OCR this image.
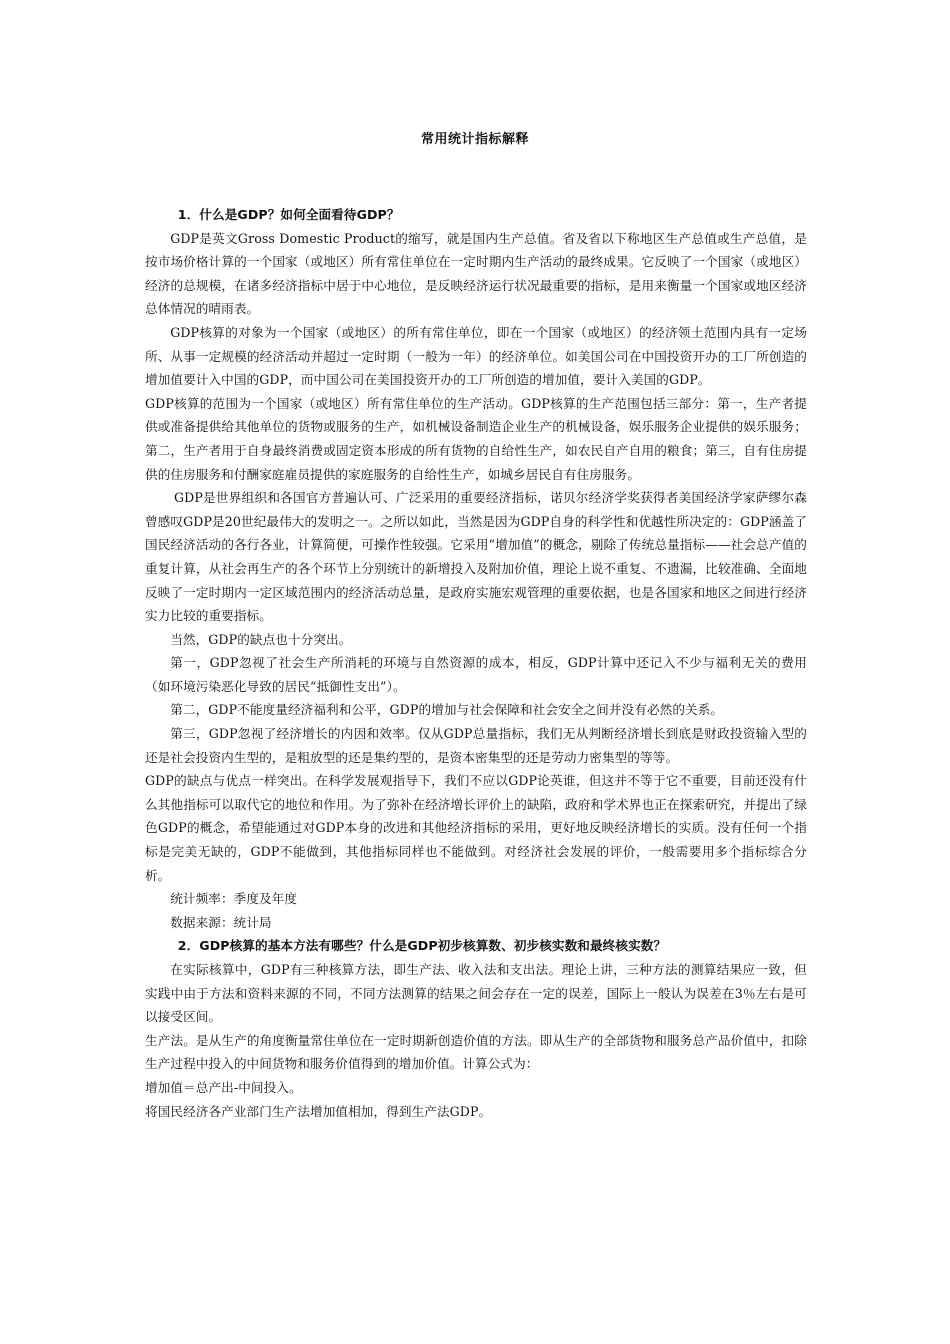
常用统计指标解释

1．什么是GDP？如何全面看待GDP？

GDP是英文Gross Domestic Product的缩写，就是国内生产总值。省及省以下称地区生产总值或生产总值，是按市场价格计算的一个国家（或地区）所有常住单位在一定时期内生产活动的最终成果。它反映了一个国家（或地区）经济的总规模，在诸多经济指标中居于中心地位，是反映经济运行状况最重要的指标，是用来衡量一个国家或地区经济总体情况的晴雨表。

GDP核算的对象为一个国家（或地区）的所有常住单位，即在一个国家（或地区）的经济领土范围内具有一定场所、从事一定规模的经济活动并超过一定时期（一般为一年）的经济单位。如美国公司在中国投资开办的工厂所创造的增加值要计入中国的GDP，而中国公司在美国投资开办的工厂所创造的增加值，要计入美国的GDP。

GDP核算的范围为一个国家（或地区）所有常住单位的生产活动。GDP核算的生产范围包括三部分：第一，生产者提供或准备提供给其他单位的货物或服务的生产，如机械设备制造企业生产的机械设备，娱乐服务企业提供的娱乐服务；第二，生产者用于自身最终消费或固定资本形成的所有货物的自给性生产，如农民自产自用的粮食；第三，自有住房提供的住房服务和付酬家庭雇员提供的家庭服务的自给性生产，如城乡居民自有住房服务。

GDP是世界组织和各国官方普遍认可、广泛采用的重要经济指标，诺贝尔经济学奖获得者美国经济学家萨缪尔森曾感叹GDP是20世纪最伟大的发明之一。之所以如此，当然是因为GDP自身的科学性和优越性所决定的：GDP涵盖了国民经济活动的各行各业，计算简便，可操作性较强。它采用“增加值”的概念，剔除了传统总量指标——社会总产值的重复计算，从社会再生产的各个环节上分别统计的新增投入及附加价值，理论上说不重复、不遗漏，比较准确、全面地反映了一定时期内一定区域范围内的经济活动总量，是政府实施宏观管理的重要依据，也是各国家和地区之间进行经济实力比较的重要指标。

当然，GDP的缺点也十分突出。

第一，GDP忽视了社会生产所消耗的环境与自然资源的成本，相反，GDP计算中还记入不少与福利无关的费用（如环境污染恶化导致的居民“抵御性支出”）。

第二，GDP不能度量经济福利和公平，GDP的增加与社会保障和社会安全之间并没有必然的关系。

第三，GDP忽视了经济增长的内因和效率。仅从GDP总量指标，我们无从判断经济增长到底是财政投资输入型的还是社会投资内生型的，是粗放型的还是集约型的，是资本密集型的还是劳动力密集型的等等。

GDP的缺点与优点一样突出。在科学发展观指导下，我们不应以GDP论英谁，但这并不等于它不重要，目前还没有什么其他指标可以取代它的地位和作用。为了弥补在经济增长评价上的缺陷，政府和学术界也正在探索研究，并提出了绿色GDP的概念，希望能通过对GDP本身的改进和其他经济指标的采用，更好地反映经济增长的实质。没有任何一个指标是完美无缺的，GDP不能做到，其他指标同样也不能做到。对经济社会发展的评价，一般需要用多个指标综合分析。

统计频率：季度及年度

数据来源：统计局

2．GDP核算的基本方法有哪些？什么是GDP初步核算数、初步核实数和最终核实数？

在实际核算中，GDP有三种核算方法，即生产法、收入法和支出法。理论上讲，三种方法的测算结果应一致，但实践中由于方法和资料来源的不同，不同方法测算的结果之间会存在一定的误差，国际上一般认为误差在3％左右是可以接受区间。

生产法。是从生产的角度衡量常住单位在一定时期新创造价值的方法。即从生产的全部货物和服务总产品价值中，扣除生产过程中投入的中间货物和服务价值得到的增加价值。计算公式为：

增加值＝总产出-中间投入。

将国民经济各产业部门生产法增加值相加，得到生产法GDP。
